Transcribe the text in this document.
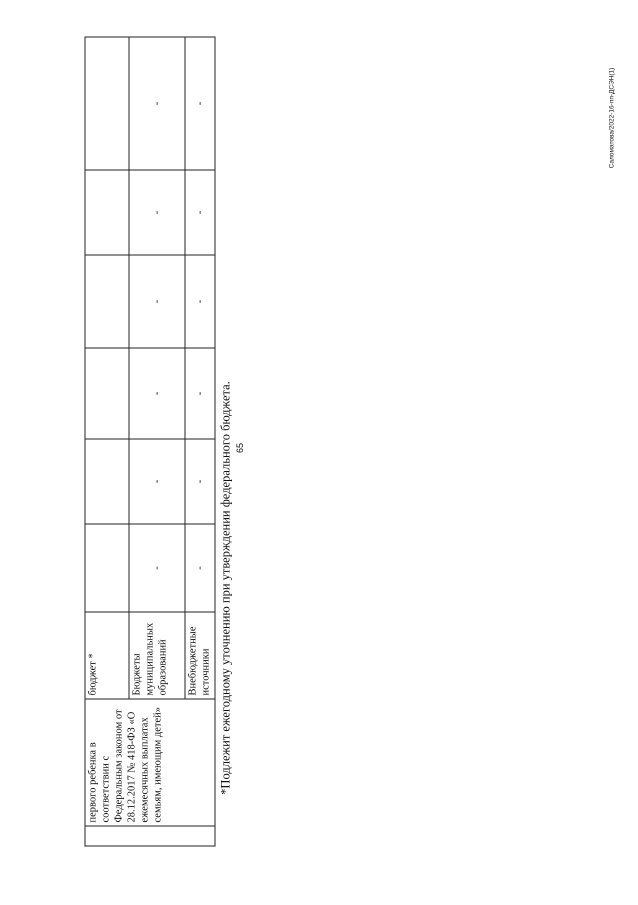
65
Саломатова/2022-16-пп-ДСЭН(1)
	первого ребенка в соответствии с Федеральным законом от 28.12.2017 № 418-ФЗ «О ежемесячных выплатах семьям, имеющим детей»	бюджет *						
		Бюджеты муниципальных образований	-	-	-	-	-	-
		Внебюджетные источники	-	-	-	-	-	-
*Подлежит ежегодному уточнению при утверждении федерального бюджета.
